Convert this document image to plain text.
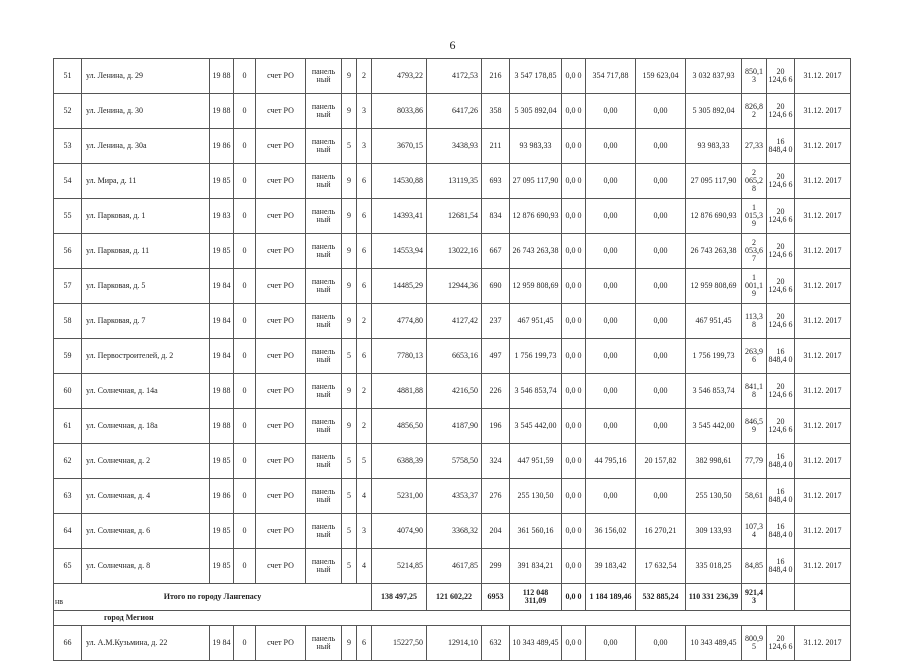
6
51	ул. Ленина, д. 29	19 88	0	счет РО	панель ный	9	2	4793,22	4172,53	216	3 547 178,85	0,0 0	354 717,88	159 623,04	3 032 837,93	850,1 3	20 124,6 6	31.12. 2017
52	ул. Ленина, д. 30	19 88	0	счет РО	панель ный	9	3	8033,86	6417,26	358	5 305 892,04	0,0 0	0,00	0,00	5 305 892,04	826,8 2	20 124,6 6	31.12. 2017
53	ул. Ленина, д. 30а	19 86	0	счет РО	панель ный	5	3	3670,15	3438,93	211	93 983,33	0,0 0	0,00	0,00	93 983,33	27,33	16 848,4 0	31.12. 2017
54	ул. Мира, д. 11	19 85	0	счет РО	панель ный	9	6	14530,88	13119,35	693	27 095 117,90	0,0 0	0,00	0,00	27 095 117,90	2 065,2 8	20 124,6 6	31.12. 2017
55	ул. Парковая, д. 1	19 83	0	счет РО	панель ный	9	6	14393,41	12681,54	834	12 876 690,93	0,0 0	0,00	0,00	12 876 690,93	1 015,3 9	20 124,6 6	31.12. 2017
56	ул. Парковая, д. 11	19 85	0	счет РО	панель ный	9	6	14553,94	13022,16	667	26 743 263,38	0,0 0	0,00	0,00	26 743 263,38	2 053,6 7	20 124,6 6	31.12. 2017
57	ул. Парковая, д. 5	19 84	0	счет РО	панель ный	9	6	14485,29	12944,36	690	12 959 808,69	0,0 0	0,00	0,00	12 959 808,69	1 001,1 9	20 124,6 6	31.12. 2017
58	ул. Парковая, д. 7	19 84	0	счет РО	панель ный	9	2	4774,80	4127,42	237	467 951,45	0,0 0	0,00	0,00	467 951,45	113,3 8	20 124,6 6	31.12. 2017
59	ул. Первостроителей, д. 2	19 84	0	счет РО	панель ный	5	6	7780,13	6653,16	497	1 756 199,73	0,0 0	0,00	0,00	1 756 199,73	263,9 6	16 848,4 0	31.12. 2017
60	ул. Солнечная, д. 14а	19 88	0	счет РО	панель ный	9	2	4881,88	4216,50	226	3 546 853,74	0,0 0	0,00	0,00	3 546 853,74	841,1 8	20 124,6 6	31.12. 2017
61	ул. Солнечная, д. 18а	19 88	0	счет РО	панель ный	9	2	4856,50	4187,90	196	3 545 442,00	0,0 0	0,00	0,00	3 545 442,00	846,5 9	20 124,6 6	31.12. 2017
62	ул. Солнечная, д. 2	19 85	0	счет РО	панель ный	5	5	6388,39	5758,50	324	447 951,59	0,0 0	44 795,16	20 157,82	382 998,61	77,79	16 848,4 0	31.12. 2017
63	ул. Солнечная, д. 4	19 86	0	счет РО	панель ный	5	4	5231,00	4353,37	276	255 130,50	0,0 0	0,00	0,00	255 130,50	58,61	16 848,4 0	31.12. 2017
64	ул. Солнечная, д. 6	19 85	0	счет РО	панель ный	5	3	4074,90	3368,32	204	361 560,16	0,0 0	36 156,02	16 270,21	309 133,93	107,3 4	16 848,4 0	31.12. 2017
65	ул. Солнечная, д. 8	19 85	0	счет РО	панель ный	5	4	5214,85	4617,85	299	391 834,21	0,0 0	39 183,42	17 632,54	335 018,25	84,85	16 848,4 0	31.12. 2017
Итого по городу Лангепасу								138 497,25	121 602,22	6953	112 048 311,09	0,0 0	1 184 189,46	532 885,24	110 331 236,39	921,4 3		
город Мегион																		
66	ул. А.М.Кузьмина, д. 22	19 84	0	счет РО	панель ный	9	6	15227,50	12914,10	632	10 343 489,45	0,0 0	0,00	0,00	10 343 489,45	800,9 5	20 124,6 6	31.12. 2017
нв
